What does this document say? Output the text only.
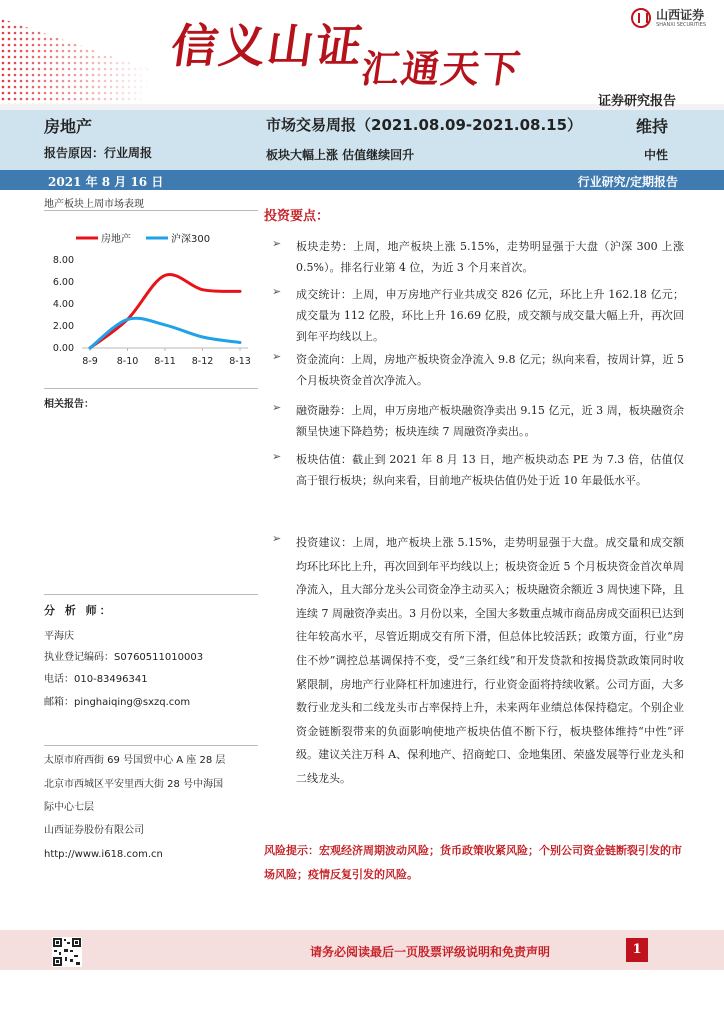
信义山证
汇通天下
山西证券
SHANXI SECURITIES
证券研究报告
房地产
报告原因：行业周报
市场交易周报（2021.08.09-2021.08.15）
板块大幅上涨 估值继续回升
维持
中性
2021 年 8 月 16 日	行业研究/定期报告
地产板块上周市场表现
房地产	沪深300
0.00
2.00
4.00
6.00
8.00
8-9 8-10 8-11 8-12 8-13
相关报告：
分 析 师：
平海庆
执业登记编码：S0760511010003
电话：010-83496341
邮箱：pinghaiqing@sxzq.com
太原市府西街 69 号国贸中心 A 座 28 层
北京市西城区平安里西大街 28 号中海国
际中心七层
山西证券股份有限公司
http://www.i618.com.cn
投资要点：
➢ 板块走势：上周，地产板块上涨 5.15%，走势明显强于大盘（沪深 300 上涨 0.5%）。排名行业第 4 位，为近 3 个月来首次。
➢ 成交统计：上周，申万房地产行业共成交 826 亿元，环比上升 162.18 亿元；成交量为 112 亿股，环比上升 16.69 亿股，成交额与成交量大幅上升，再次回到年平均线以上。
➢ 资金流向：上周，房地产板块资金净流入 9.8 亿元；纵向来看，按周计算，近 5 个月板块资金首次净流入。
➢ 融资融券：上周，申万房地产板块融资净卖出 9.15 亿元，近 3 周，板块融资余额呈快速下降趋势；板块连续 7 周融资净卖出。。
➢ 板块估值：截止到 2021 年 8 月 13 日，地产板块动态 PE 为 7.3 倍，估值仅高于银行板块；纵向来看，目前地产板块估值仍处于近 10 年最低水平。
➢ 投资建议：上周，地产板块上涨 5.15%，走势明显强于大盘。成交量和成交额均环比环比上升，再次回到年平均线以上；板块资金近 5 个月板块资金首次单周净流入，且大部分龙头公司资金净主动买入；板块融资余额近 3 周快速下降，且连续 7 周融资净卖出。3 月份以来，全国大多数重点城市商品房成交面积已达到往年较高水平，尽管近期成交有所下滑，但总体比较活跃；政策方面，行业“房住不炒”调控总基调保持不变，受“三条红线”和开发贷款和按揭贷款政策同时收紧限制，房地产行业降杠杆加速进行，行业资金面将持续收紧。公司方面，大多数行业龙头和二线龙头市占率保持上升，未来两年业绩总体保持稳定。个别企业资金链断裂带来的负面影响使地产板块估值不断下行，板块整体维持“中性”评级。建议关注万科 A、保利地产、招商蛇口、金地集团、荣盛发展等行业龙头和二线龙头。
风险提示：宏观经济周期波动风险；货币政策收紧风险；个别公司资金链断裂引发的市场风险；疫情反复引发的风险。
请务必阅读最后一页股票评级说明和免责声明	1
